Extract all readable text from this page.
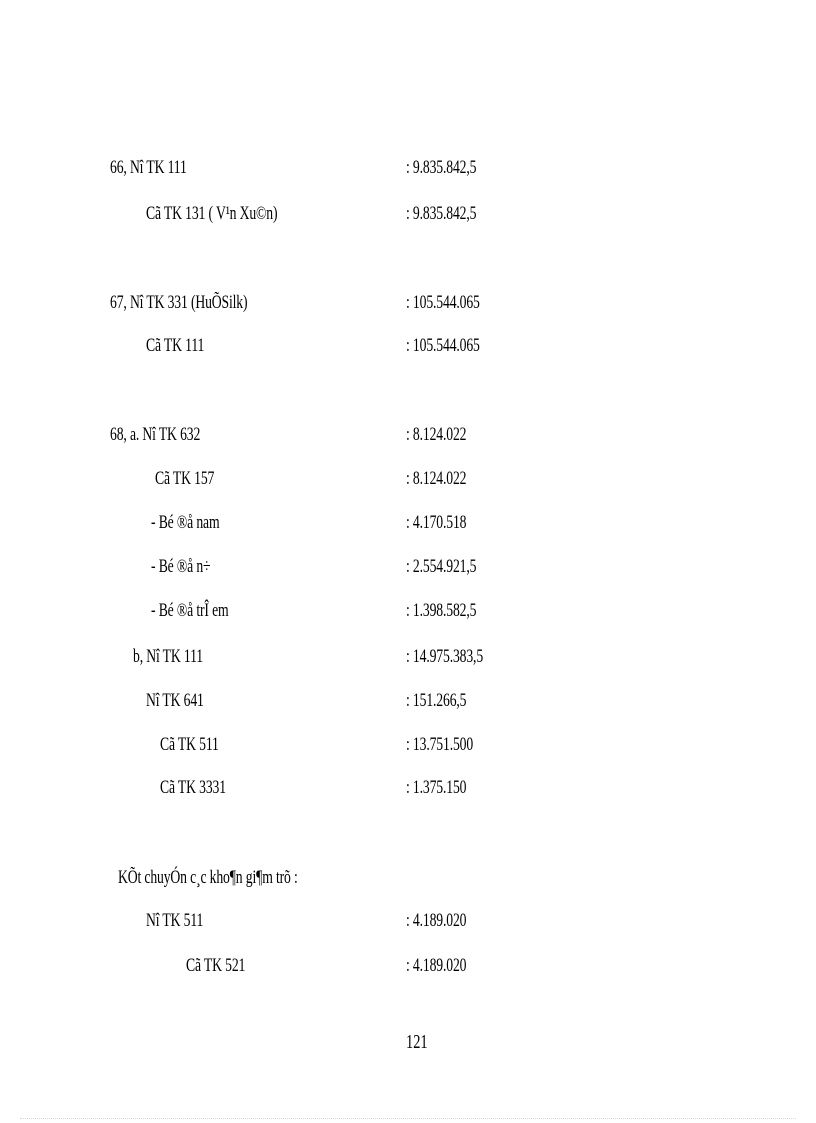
66, Nî TK 111	: 9.835.842,5
Cã TK 131 ( V¹n Xu©n)	: 9.835.842,5
67, Nî TK 331 (HuÕSilk)	: 105.544.065
Cã TK 111	: 105.544.065
68, a. Nî TK 632	: 8.124.022
Cã TK 157	: 8.124.022
- Bé ®å nam	: 4.170.518
- Bé ®å n÷	: 2.554.921,5
- Bé ®å trÎ em	: 1.398.582,5
b, Nî TK 111	: 14.975.383,5
Nî TK 641	: 151.266,5
Cã TK 511	: 13.751.500
Cã TK 3331	: 1.375.150
KÕt chuyÓn c¸c kho¶n gi¶m trõ :
Nî TK 511	: 4.189.020
Cã TK 521	: 4.189.020
121
